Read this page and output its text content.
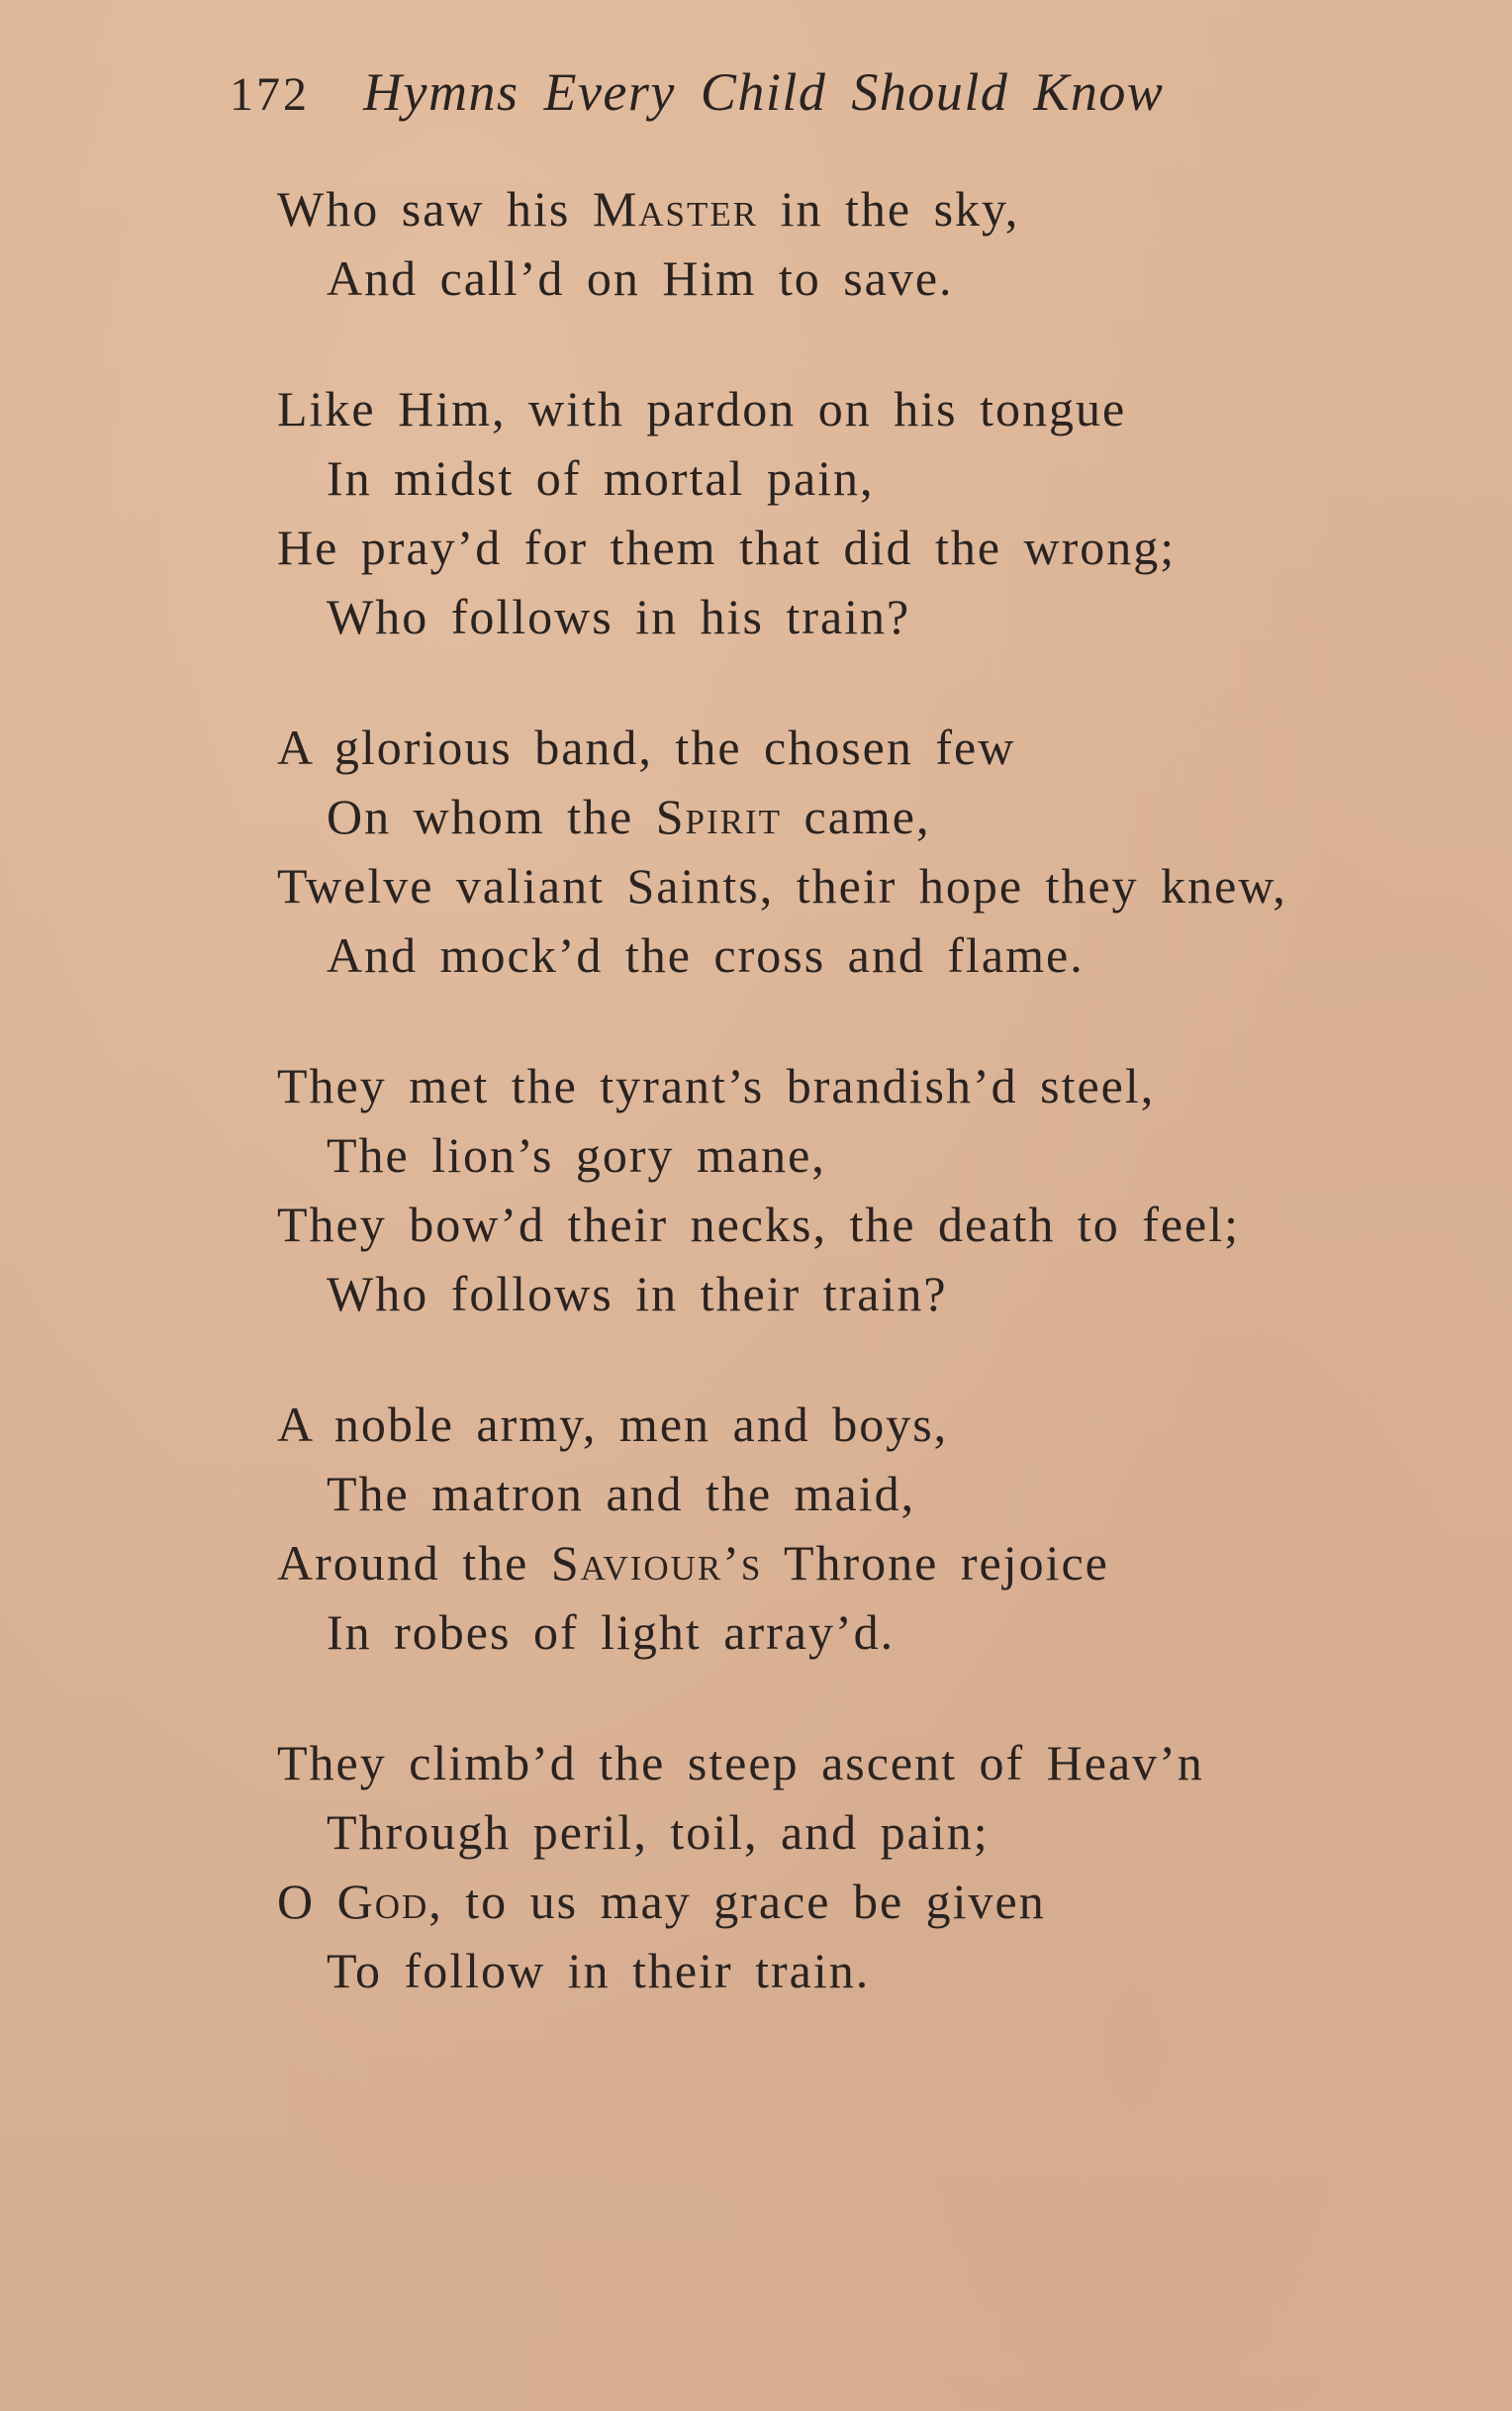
172 Hymns Every Child Should Know
Who saw his Master in the sky,
And call’d on Him to save.
Like Him, with pardon on his tongue
In midst of mortal pain,
He pray’d for them that did the wrong;
Who follows in his train?
A glorious band, the chosen few
On whom the Spirit came,
Twelve valiant Saints, their hope they knew,
And mock’d the cross and flame.
They met the tyrant’s brandish’d steel,
The lion’s gory mane,
They bow’d their necks, the death to feel;
Who follows in their train?
A noble army, men and boys,
The matron and the maid,
Around the Saviour’s Throne rejoice
In robes of light array’d.
They climb’d the steep ascent of Heav’n
Through peril, toil, and pain;
O God, to us may grace be given
To follow in their train.
